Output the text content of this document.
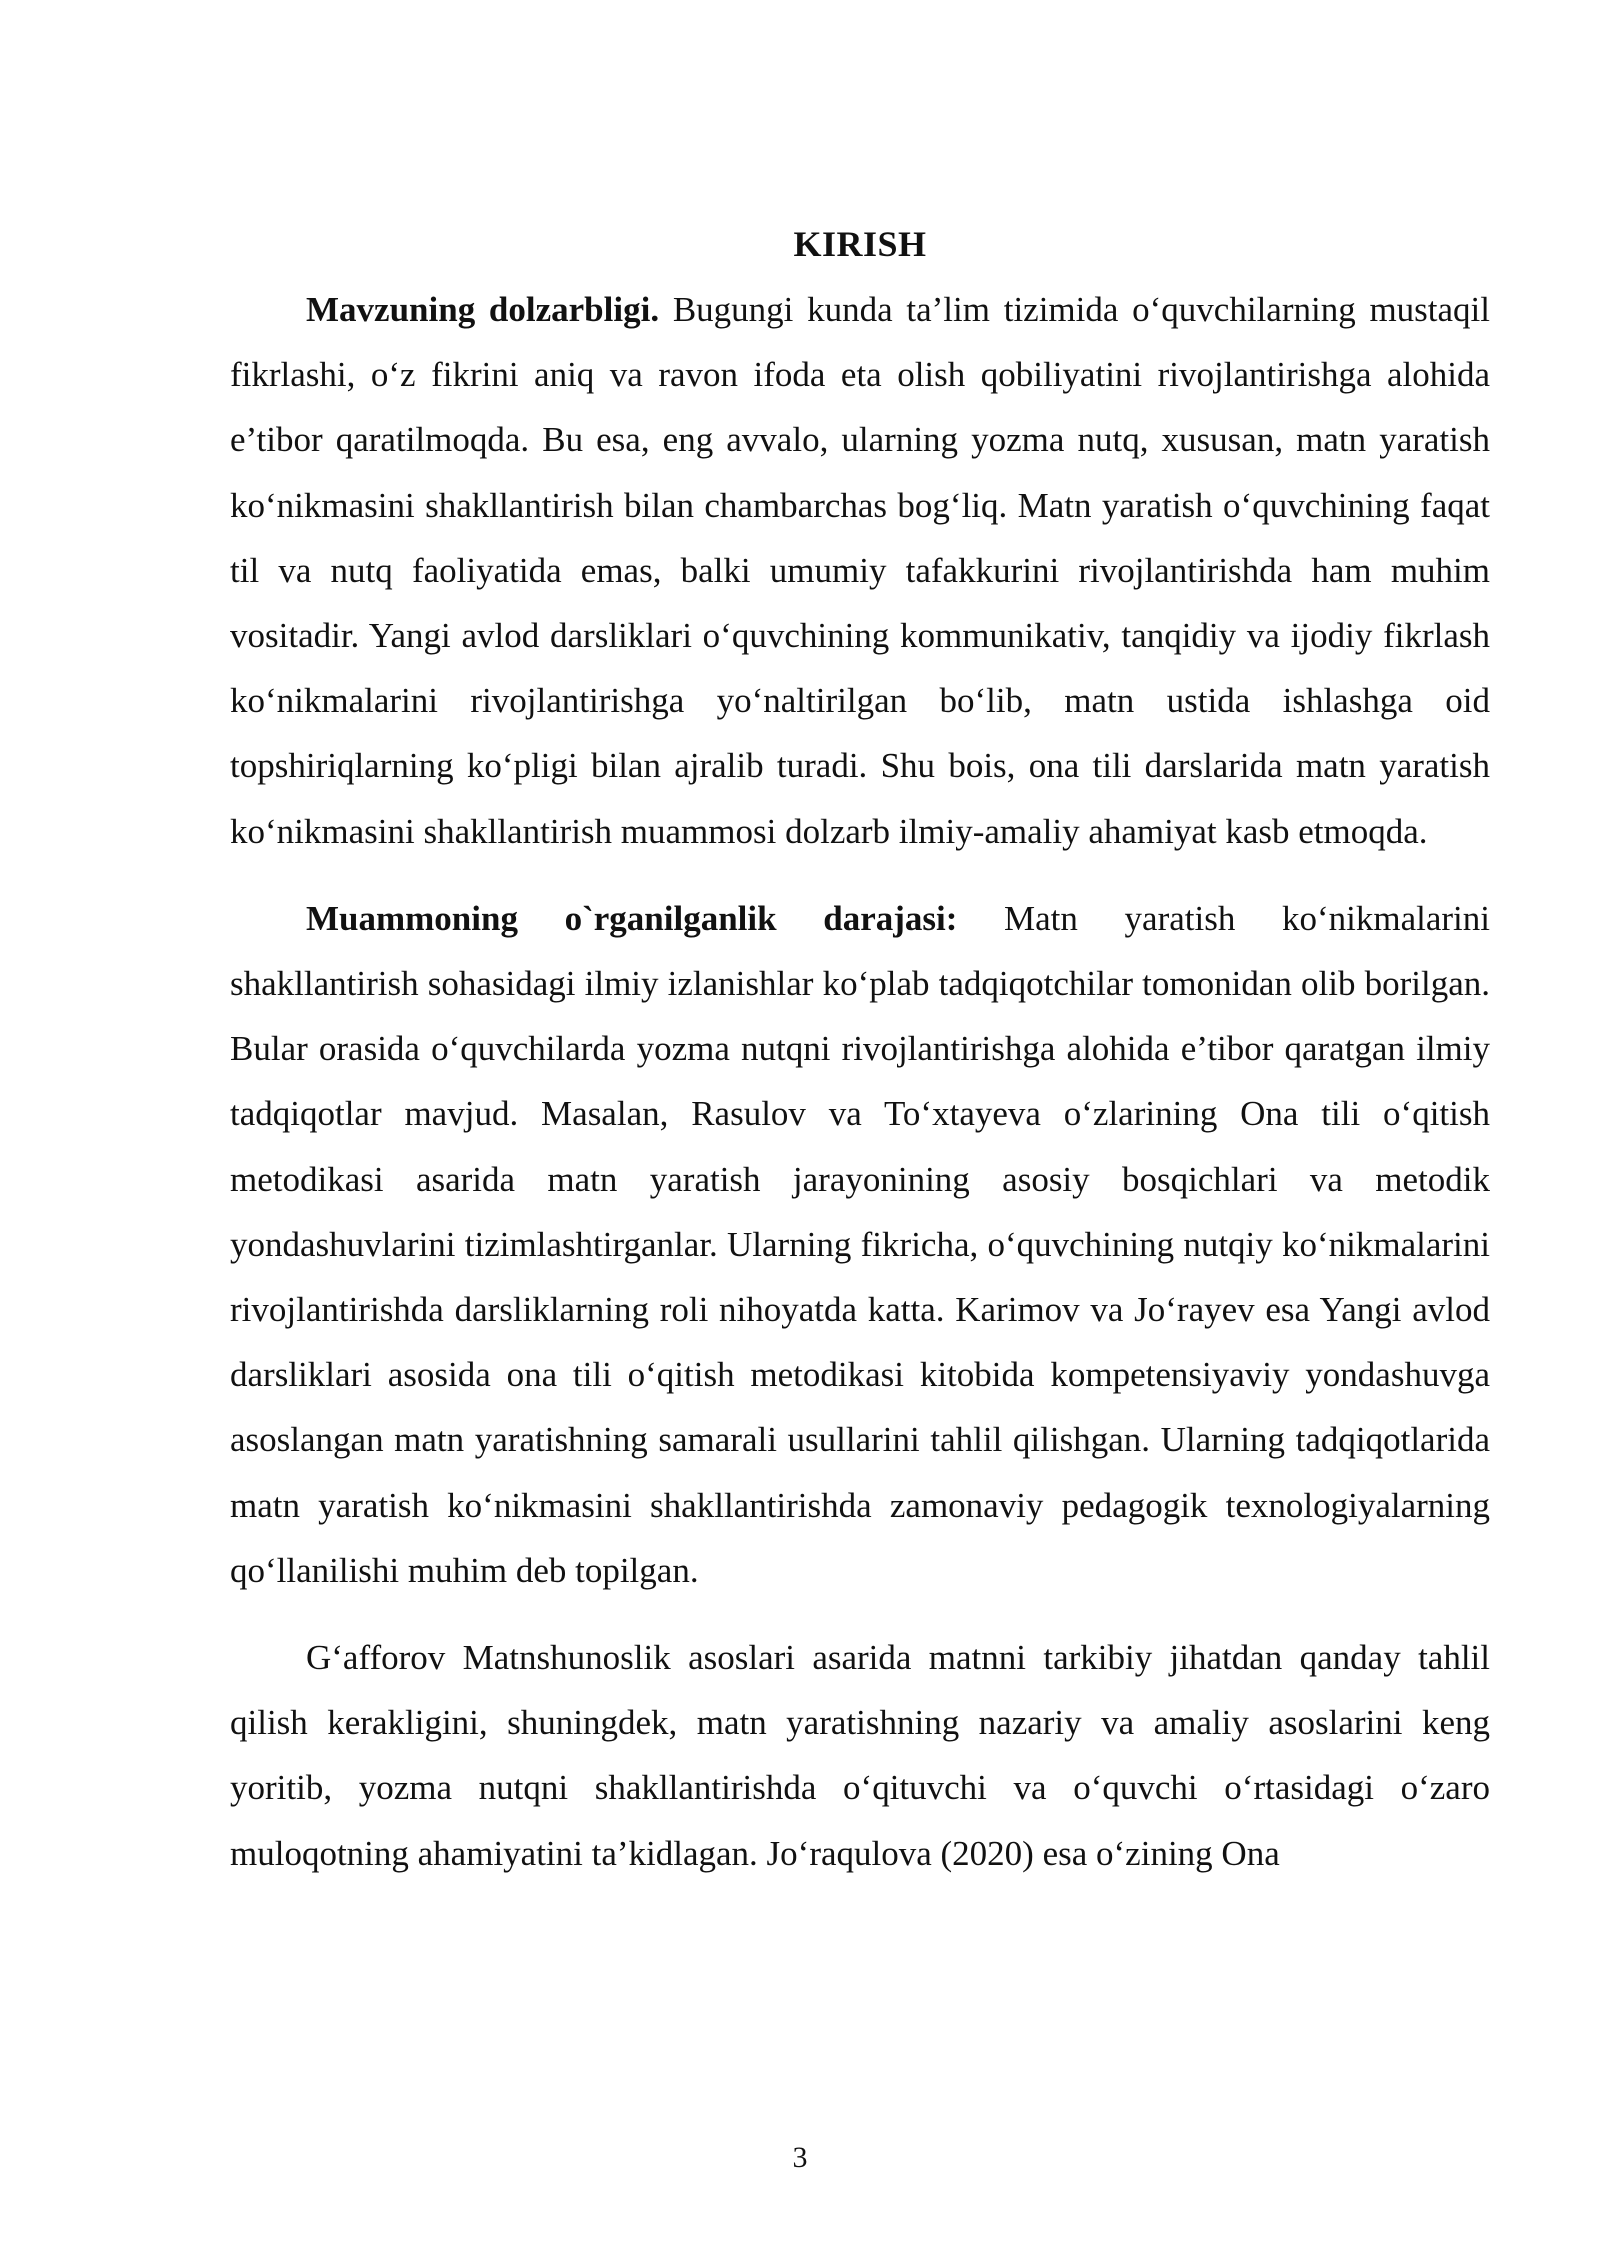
KIRISH

Mavzuning dolzarbligi. Bugungi kunda ta’lim tizimida o‘quvchilarning mustaqil fikrlashi, o‘z fikrini aniq va ravon ifoda eta olish qobiliyatini rivojlantirishga alohida e’tibor qaratilmoqda. Bu esa, eng avvalo, ularning yozma nutq, xususan, matn yaratish ko‘nikmasini shakllantirish bilan chambarchas bog‘liq. Matn yaratish o‘quvchining faqat til va nutq faoliyatida emas, balki umumiy tafakkurini rivojlantirishda ham muhim vositadir. Yangi avlod darsliklari o‘quvchining kommunikativ, tanqidiy va ijodiy fikrlash ko‘nikmalarini rivojlantirishga yo‘naltirilgan bo‘lib, matn ustida ishlashga oid topshiriqlarning ko‘pligi bilan ajralib turadi. Shu bois, ona tili darslarida matn yaratish ko‘nikmasini shakllantirish muammosi dolzarb ilmiy-amaliy ahamiyat kasb etmoqda.

Muammoning o`rganilganlik darajasi: Matn yaratish ko‘nikmalarini shakllantirish sohasidagi ilmiy izlanishlar ko‘plab tadqiqotchilar tomonidan olib borilgan. Bular orasida o‘quvchilarda yozma nutqni rivojlantirishga alohida e’tibor qaratgan ilmiy tadqiqotlar mavjud. Masalan, Rasulov va To‘xtayeva o‘zlarining Ona tili o‘qitish metodikasi asarida matn yaratish jarayonining asosiy bosqichlari va metodik yondashuvlarini tizimlashtirganlar. Ularning fikricha, o‘quvchining nutqiy ko‘nikmalarini rivojlantirishda darsliklarning roli nihoyatda katta. Karimov va Jo‘rayev esa Yangi avlod darsliklari asosida ona tili o‘qitish metodikasi kitobida kompetensiyaviy yondashuvga asoslangan matn yaratishning samarali usullarini tahlil qilishgan. Ularning tadqiqotlarida matn yaratish ko‘nikmasini shakllantirishda zamonaviy pedagogik texnologiyalarning qo‘llanilishi muhim deb topilgan.

G‘afforov Matnshunoslik asoslari asarida matnni tarkibiy jihatdan qanday tahlil qilish kerakligini, shuningdek, matn yaratishning nazariy va amaliy asoslarini keng yoritib, yozma nutqni shakllantirishda o‘qituvchi va o‘quvchi o‘rtasidagi o‘zaro muloqotning ahamiyatini ta’kidlagan. Jo‘raqulova (2020) esa o‘zining Ona

3
